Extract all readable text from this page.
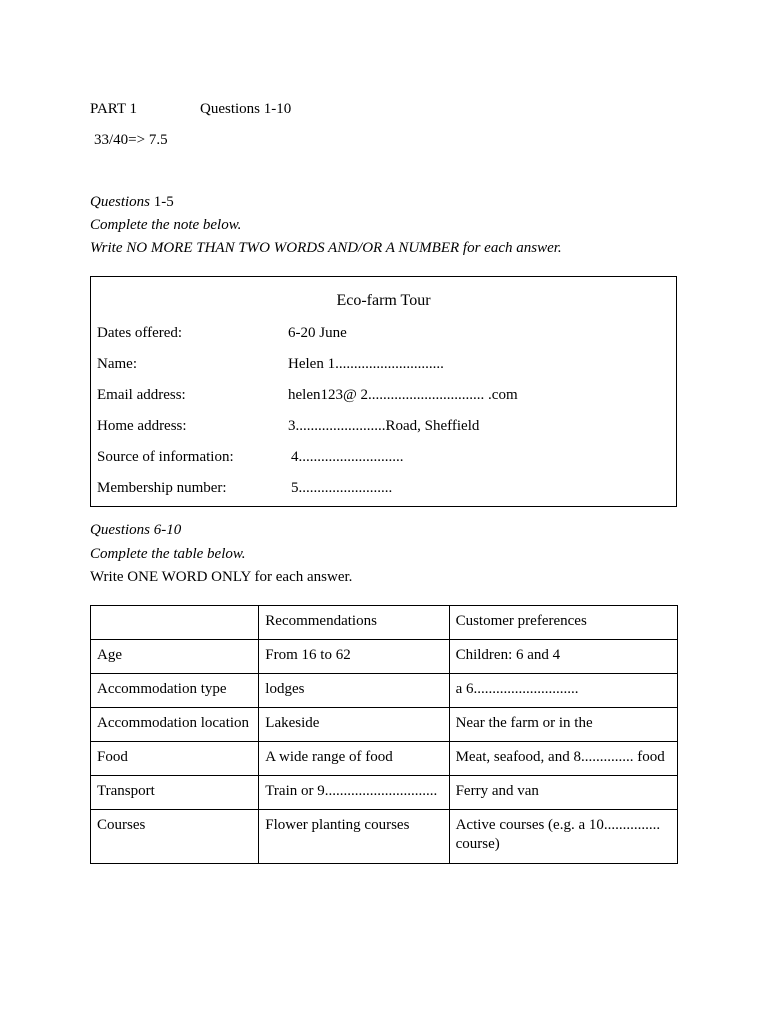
PART 1	Questions 1-10
33/40=> 7.5
Questions 1-5
Complete the note below.
Write NO MORE THAN TWO WORDS AND/OR A NUMBER for each answer.
Eco-farm Tour
Dates offered:	6-20 June
Name:	Helen 1.............................
Email address:	helen123@ 2............................... .com
Home address:	3........................Road, Sheffield
Source of information:	4............................
Membership number:	5.........................
Questions 6-10
Complete the table below.
Write ONE WORD ONLY for each answer.
	Recommendations	Customer preferences
Age	From 16 to 62	Children: 6 and 4
Accommodation type	lodges	a 6............................
Accommodation location	Lakeside	Near the farm or in the
Food	A wide range of food	Meat, seafood, and 8.............. food
Transport	Train or 9..............................	Ferry and van
Courses	Flower planting courses	Active courses (e.g. a 10............... course)
